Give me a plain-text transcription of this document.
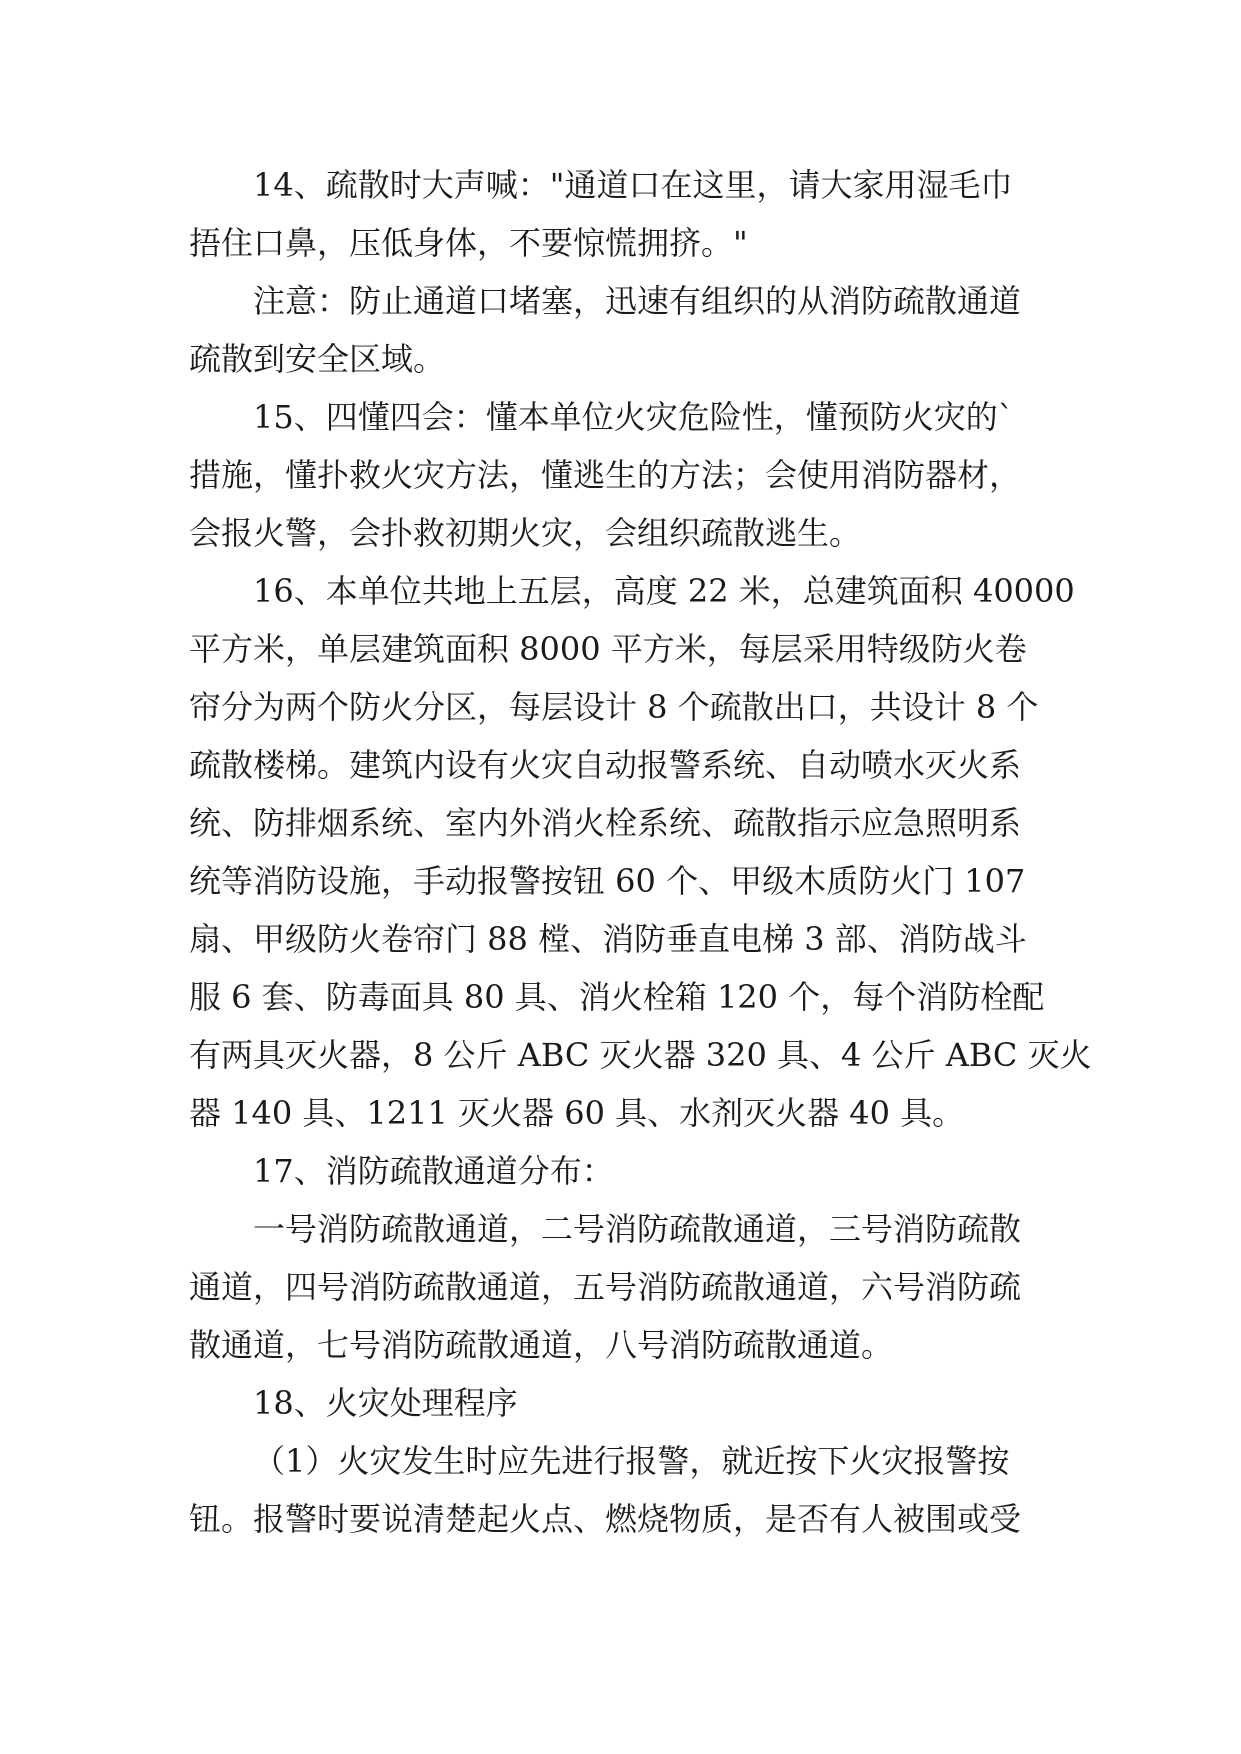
14、疏散时大声喊："通道口在这里，请大家用湿毛巾
捂住口鼻，压低身体，不要惊慌拥挤。"
注意：防止通道口堵塞，迅速有组织的从消防疏散通道
疏散到安全区域。
15、四懂四会：懂本单位火灾危险性，懂预防火灾的`
措施，懂扑救火灾方法，懂逃生的方法；会使用消防器材，
会报火警，会扑救初期火灾，会组织疏散逃生。
16、本单位共地上五层，高度 22 米，总建筑面积 40000
平方米，单层建筑面积 8000 平方米，每层采用特级防火卷
帘分为两个防火分区，每层设计 8 个疏散出口，共设计 8 个
疏散楼梯。建筑内设有火灾自动报警系统、自动喷水灭火系
统、防排烟系统、室内外消火栓系统、疏散指示应急照明系
统等消防设施，手动报警按钮 60 个、甲级木质防火门 107
扇、甲级防火卷帘门 88 樘、消防垂直电梯 3 部、消防战斗
服 6 套、防毒面具 80 具、消火栓箱 120 个，每个消防栓配
有两具灭火器，8 公斤 ABC 灭火器 320 具、4 公斤 ABC 灭火
器 140 具、1211 灭火器 60 具、水剂灭火器 40 具。
17、消防疏散通道分布：
一号消防疏散通道，二号消防疏散通道，三号消防疏散
通道，四号消防疏散通道，五号消防疏散通道，六号消防疏
散通道，七号消防疏散通道，八号消防疏散通道。
18、火灾处理程序
（1）火灾发生时应先进行报警，就近按下火灾报警按
钮。报警时要说清楚起火点、燃烧物质，是否有人被围或受
